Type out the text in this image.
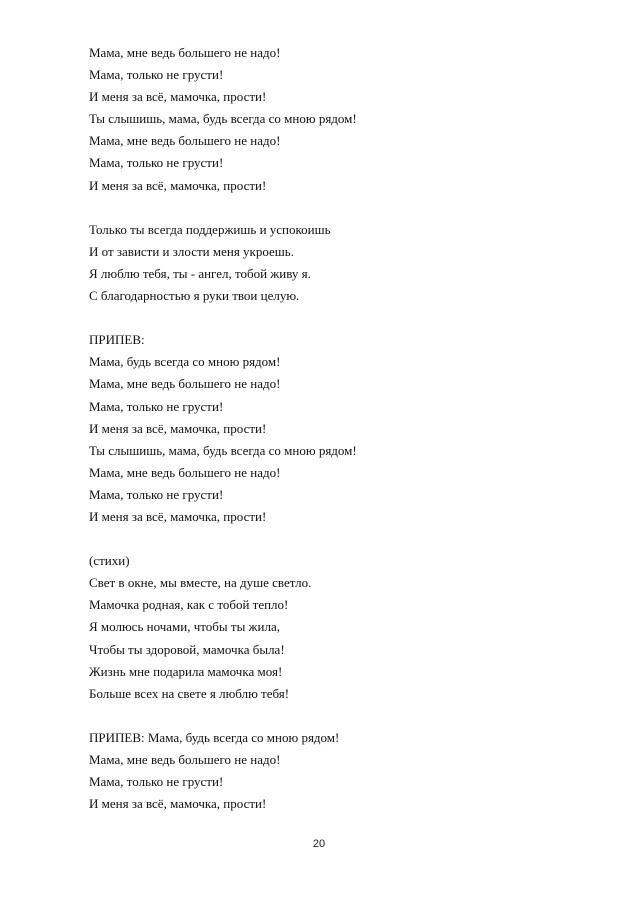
Мама, мне ведь большего не надо!
Мама, только не грусти!
И меня за всё, мамочка, прости!
Ты слышишь, мама, будь всегда со мною рядом!
Мама, мне ведь большего не надо!
Мама, только не грусти!
И меня за всё, мамочка, прости!
Только ты всегда поддержишь и успокоишь
И от зависти и злости меня укроешь.
Я люблю тебя, ты - ангел, тобой живу я.
С благодарностью я руки твои целую.
ПРИПЕВ:
Мама, будь всегда со мною рядом!
Мама, мне ведь большего не надо!
Мама, только не грусти!
И меня за всё, мамочка, прости!
Ты слышишь, мама, будь всегда со мною рядом!
Мама, мне ведь большего не надо!
Мама, только не грусти!
И меня за всё, мамочка, прости!
(стихи)
Свет в окне, мы вместе, на душе светло.
Мамочка родная, как с тобой тепло!
Я молюсь ночами, чтобы ты жила,
Чтобы ты здоровой, мамочка была!
Жизнь мне подарила мамочка моя!
Больше всех на свете я люблю тебя!
ПРИПЕВ: Мама, будь всегда со мною рядом!
Мама, мне ведь большего не надо!
Мама, только не грусти!
И меня за всё, мамочка, прости!
20
